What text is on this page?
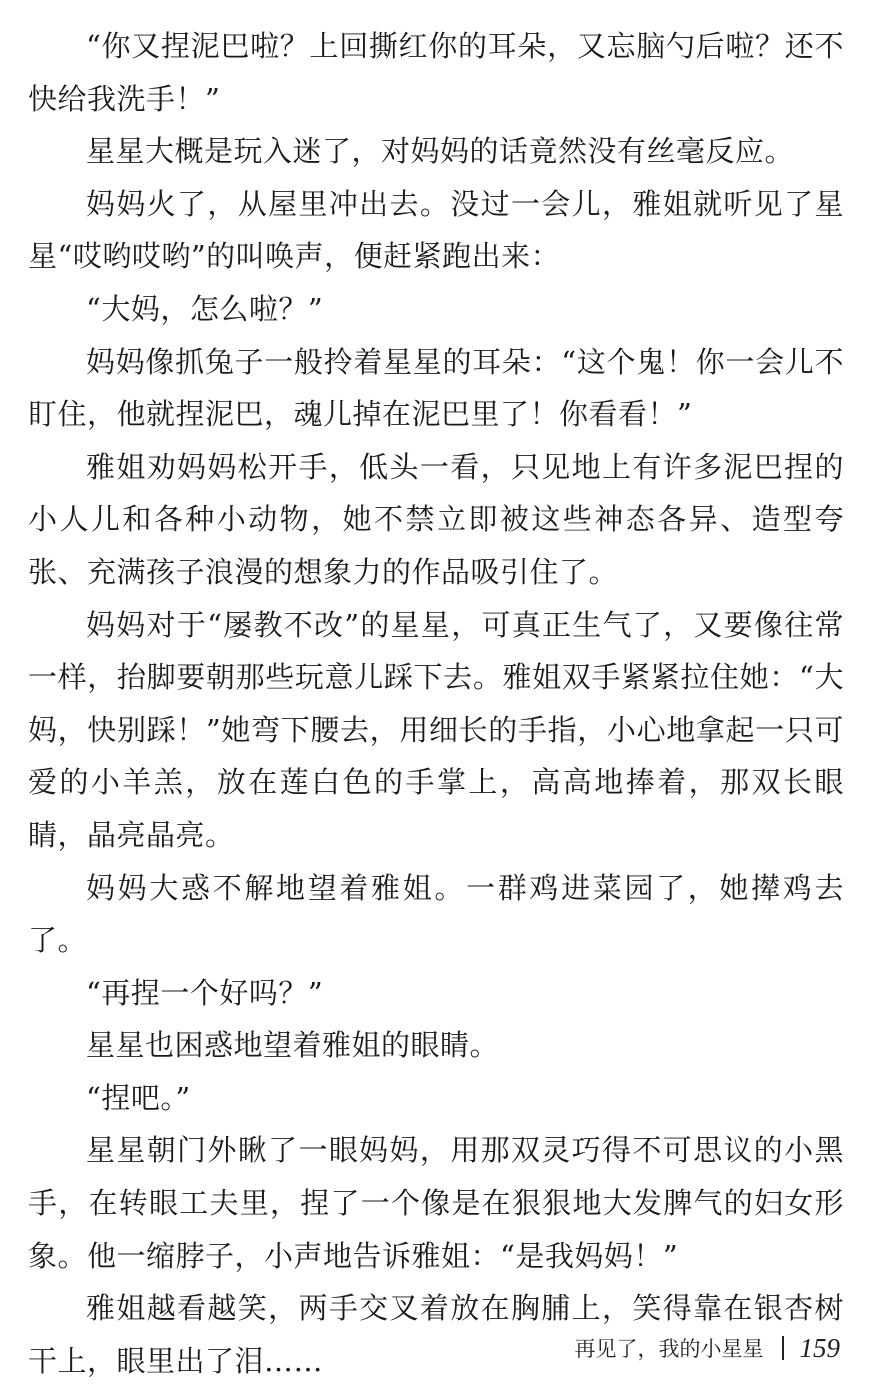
“你又捏泥巴啦？上回撕红你的耳朵，又忘脑勺后啦？还不快给我洗手！”

星星大概是玩入迷了，对妈妈的话竟然没有丝毫反应。

妈妈火了，从屋里冲出去。没过一会儿，雅姐就听见了星星“哎哟哎哟”的叫唤声，便赶紧跑出来：

“大妈，怎么啦？”

妈妈像抓兔子一般拎着星星的耳朵：“这个鬼！你一会儿不盯住，他就捏泥巴，魂儿掉在泥巴里了！你看看！”

雅姐劝妈妈松开手，低头一看，只见地上有许多泥巴捏的小人儿和各种小动物，她不禁立即被这些神态各异、造型夸张、充满孩子浪漫的想象力的作品吸引住了。

妈妈对于“屡教不改”的星星，可真正生气了，又要像往常一样，抬脚要朝那些玩意儿踩下去。雅姐双手紧紧拉住她：“大妈，快别踩！”她弯下腰去，用细长的手指，小心地拿起一只可爱的小羊羔，放在莲白色的手掌上，高高地捧着，那双长眼睛，晶亮晶亮。

妈妈大惑不解地望着雅姐。一群鸡进菜园了，她撵鸡去了。

“再捏一个好吗？”

星星也困惑地望着雅姐的眼睛。

“捏吧。”

星星朝门外瞅了一眼妈妈，用那双灵巧得不可思议的小黑手，在转眼工夫里，捏了一个像是在狠狠地大发脾气的妇女形象。他一缩脖子，小声地告诉雅姐：“是我妈妈！”

雅姐越看越笑，两手交叉着放在胸脯上，笑得靠在银杏树干上，眼里出了泪……	再见了，我的小星星 159
